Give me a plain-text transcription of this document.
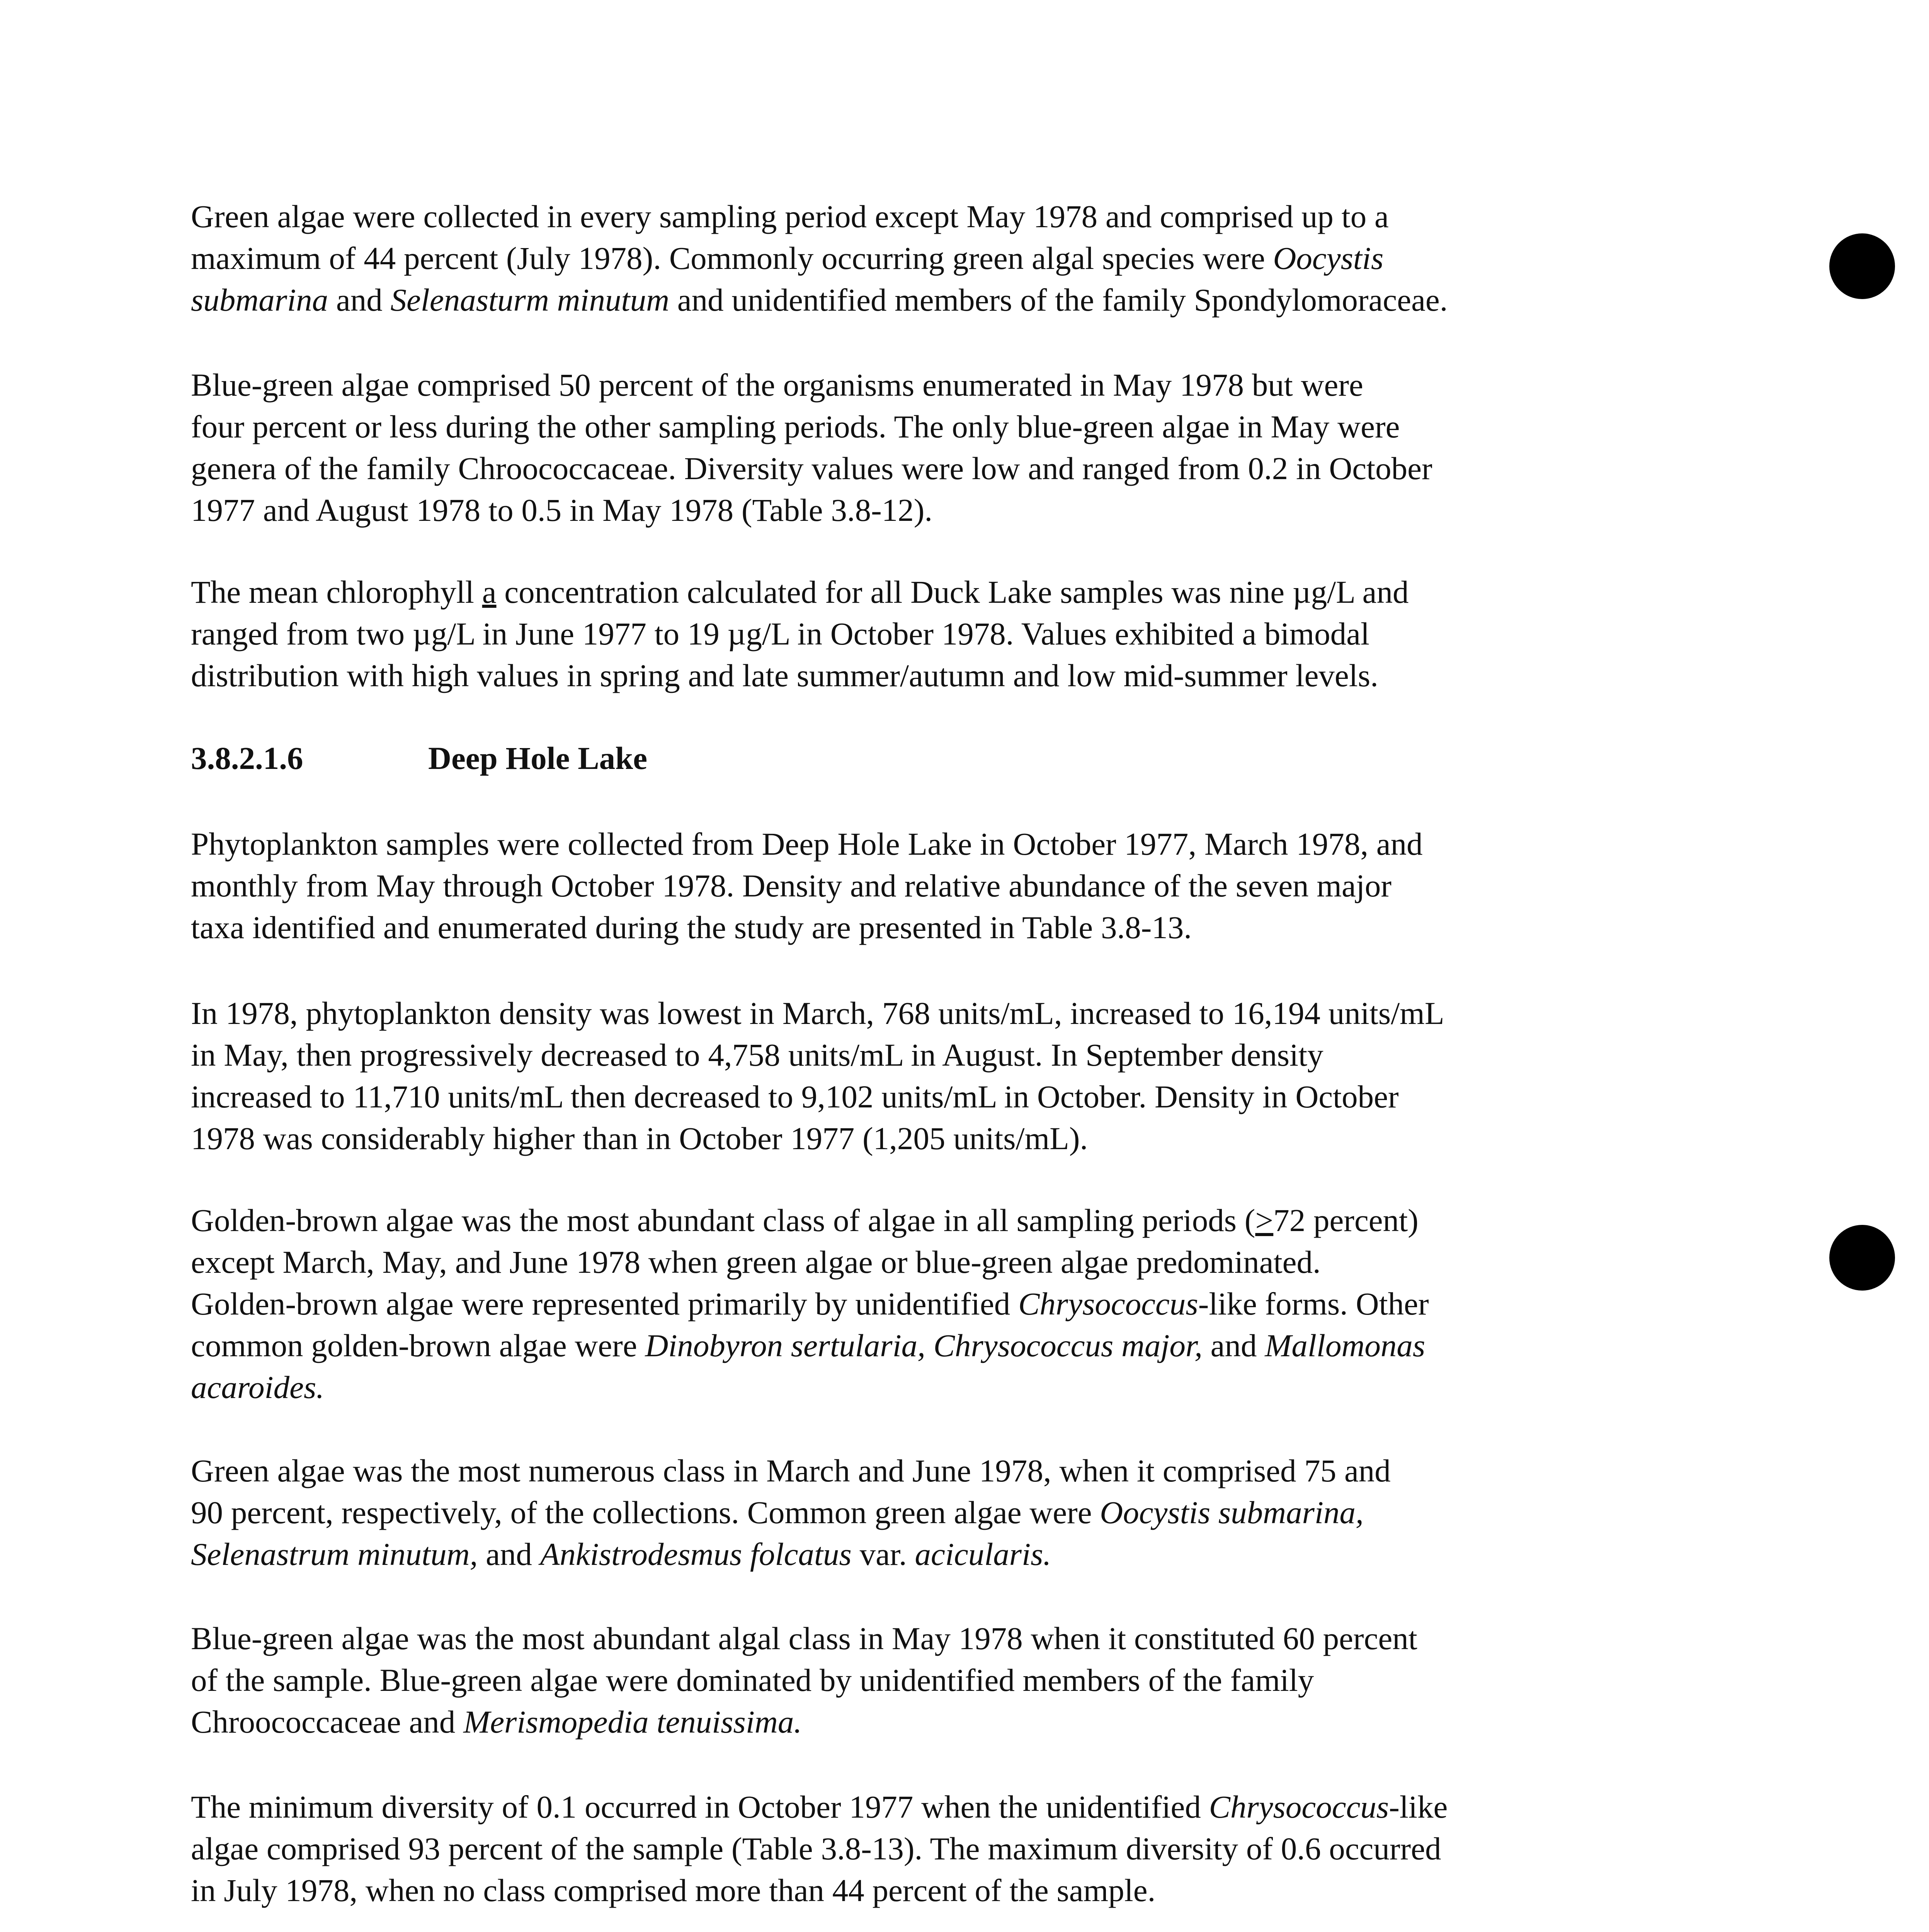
Green algae were collected in every sampling period except May 1978 and comprised up to a
maximum of 44 percent (July 1978). Commonly occurring green algal species were Oocystis
submarina and Selenasturm minutum and unidentified members of the family Spondylomoraceae.

Blue-green algae comprised 50 percent of the organisms enumerated in May 1978 but were
four percent or less during the other sampling periods. The only blue-green algae in May were
genera of the family Chroococcaceae. Diversity values were low and ranged from 0.2 in October
1977 and August 1978 to 0.5 in May 1978 (Table 3.8-12).

The mean chlorophyll a concentration calculated for all Duck Lake samples was nine µg/L and
ranged from two µg/L in June 1977 to 19 µg/L in October 1978. Values exhibited a bimodal
distribution with high values in spring and late summer/autumn and low mid-summer levels.

3.8.2.1.6	Deep Hole Lake

Phytoplankton samples were collected from Deep Hole Lake in October 1977, March 1978, and
monthly from May through October 1978. Density and relative abundance of the seven major
taxa identified and enumerated during the study are presented in Table 3.8-13.

In 1978, phytoplankton density was lowest in March, 768 units/mL, increased to 16,194 units/mL
in May, then progressively decreased to 4,758 units/mL in August. In September density
increased to 11,710 units/mL then decreased to 9,102 units/mL in October. Density in October
1978 was considerably higher than in October 1977 (1,205 units/mL).

Golden-brown algae was the most abundant class of algae in all sampling periods (>72 percent)
except March, May, and June 1978 when green algae or blue-green algae predominated.
Golden-brown algae were represented primarily by unidentified Chrysococcus-like forms. Other
common golden-brown algae were Dinobyron sertularia, Chrysococcus major, and Mallomonas
acaroides.

Green algae was the most numerous class in March and June 1978, when it comprised 75 and
90 percent, respectively, of the collections. Common green algae were Oocystis submarina,
Selenastrum minutum, and Ankistrodesmus folcatus var. acicularis.

Blue-green algae was the most abundant algal class in May 1978 when it constituted 60 percent
of the sample. Blue-green algae were dominated by unidentified members of the family
Chroococcaceae and Merismopedia tenuissima.

The minimum diversity of 0.1 occurred in October 1977 when the unidentified Chrysococcus-like
algae comprised 93 percent of the sample (Table 3.8-13). The maximum diversity of 0.6 occurred
in July 1978, when no class comprised more than 44 percent of the sample.
